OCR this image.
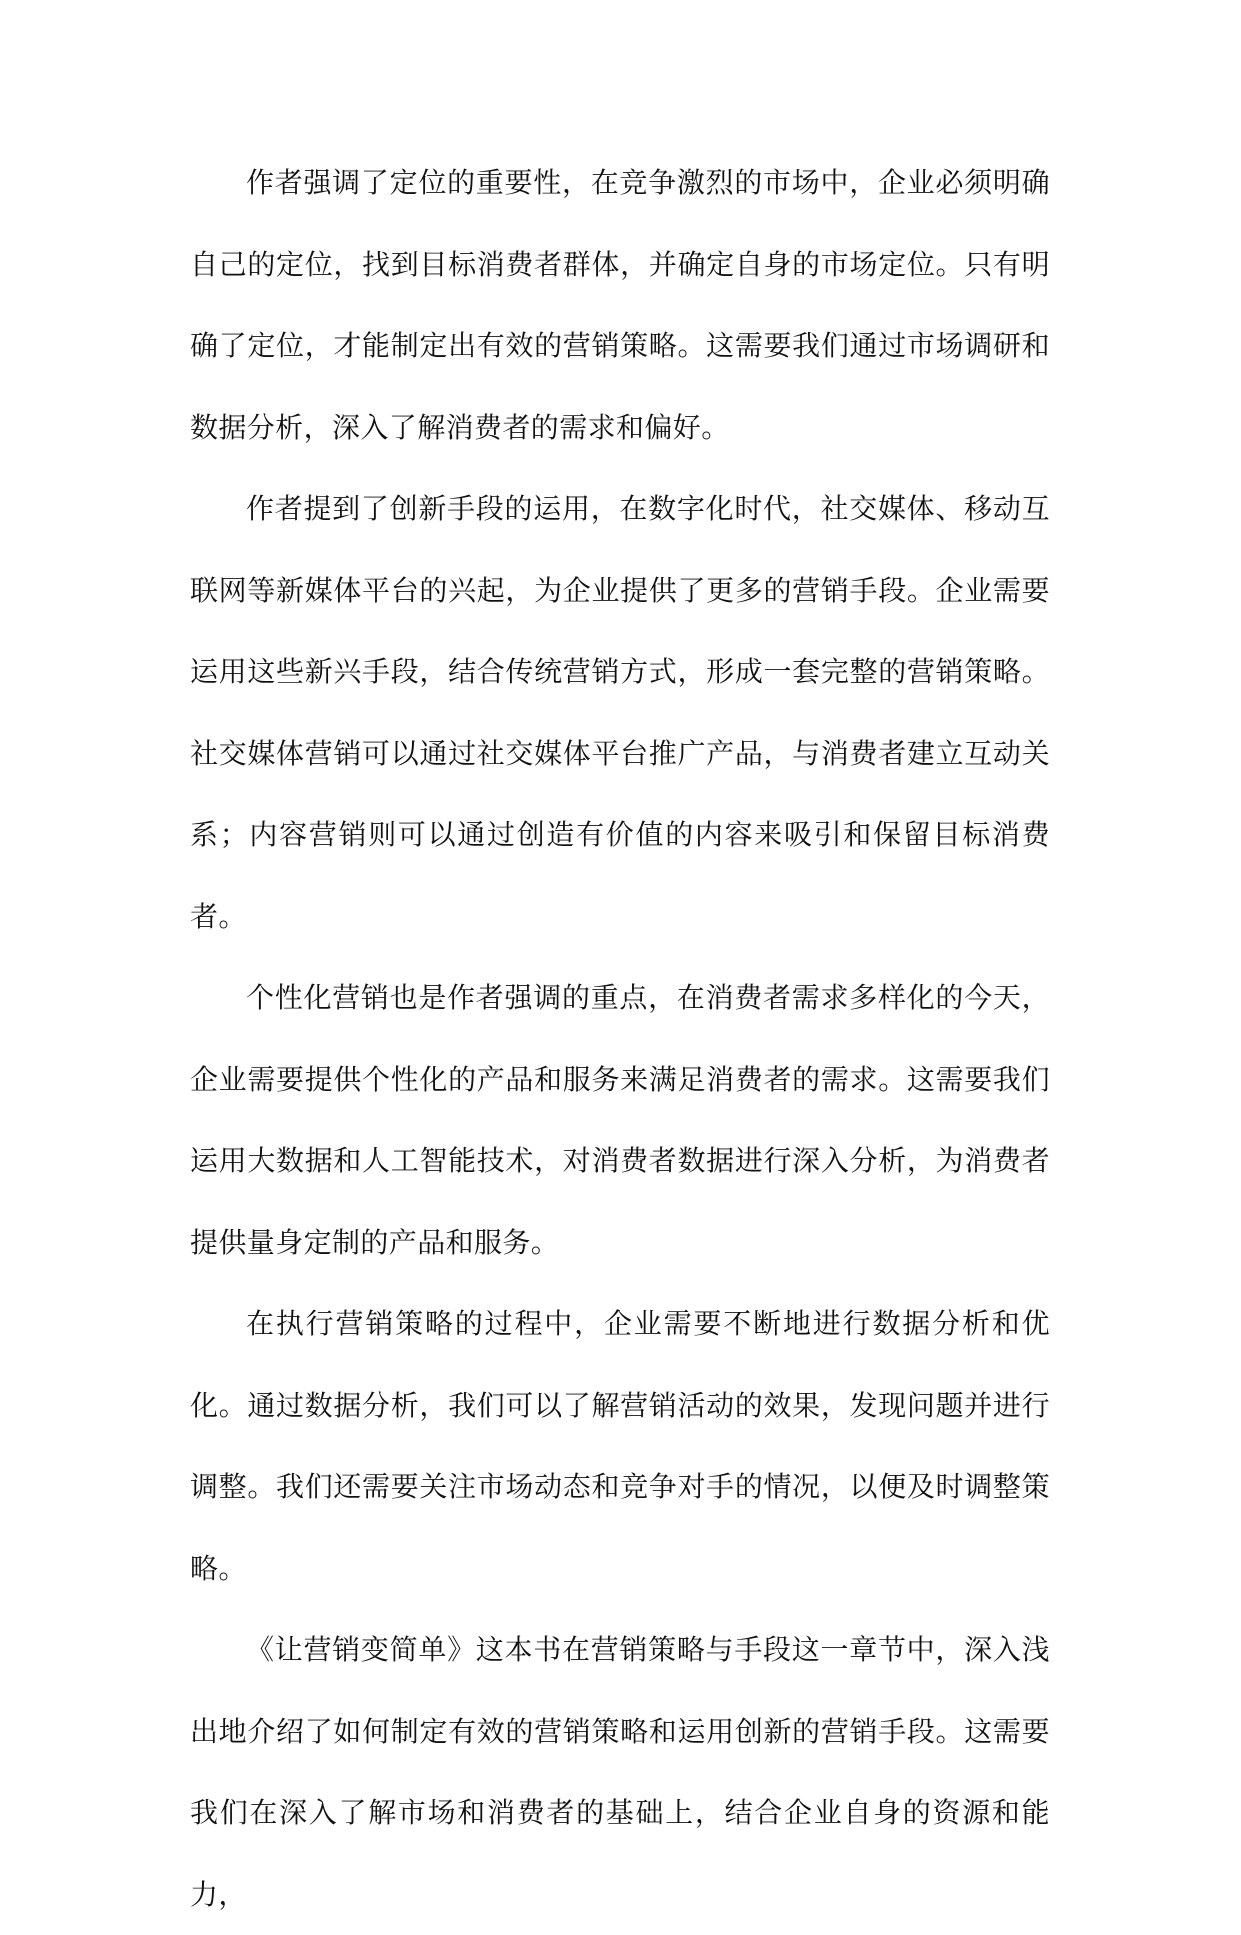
作者强调了定位的重要性，在竞争激烈的市场中，企业必须明确自己的定位，找到目标消费者群体，并确定自身的市场定位。只有明确了定位，才能制定出有效的营销策略。这需要我们通过市场调研和数据分析，深入了解消费者的需求和偏好。

作者提到了创新手段的运用，在数字化时代，社交媒体、移动互联网等新媒体平台的兴起，为企业提供了更多的营销手段。企业需要运用这些新兴手段，结合传统营销方式，形成一套完整的营销策略。社交媒体营销可以通过社交媒体平台推广产品，与消费者建立互动关系；内容营销则可以通过创造有价值的内容来吸引和保留目标消费者。

个性化营销也是作者强调的重点，在消费者需求多样化的今天，企业需要提供个性化的产品和服务来满足消费者的需求。这需要我们运用大数据和人工智能技术，对消费者数据进行深入分析，为消费者提供量身定制的产品和服务。

在执行营销策略的过程中，企业需要不断地进行数据分析和优化。通过数据分析，我们可以了解营销活动的效果，发现问题并进行调整。我们还需要关注市场动态和竞争对手的情况，以便及时调整策略。

《让营销变简单》这本书在营销策略与手段这一章节中，深入浅出地介绍了如何制定有效的营销策略和运用创新的营销手段。这需要我们在深入了解市场和消费者的基础上，结合企业自身的资源和能力，
